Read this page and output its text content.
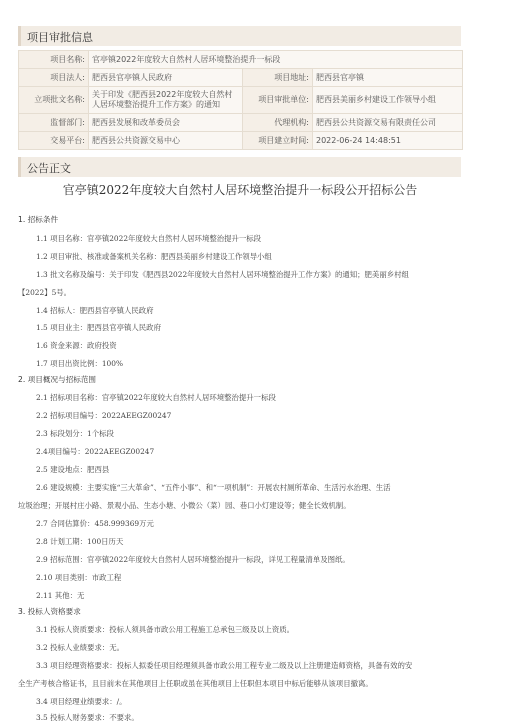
项目审批信息
项目名称:	官亭镇2022年度较大自然村人居环境整治提升一标段		
项目法人:	肥西县官亭镇人民政府	项目地址:	肥西县官亭镇
立项批文名称:	关于印发《肥西县2022年度较大自然村人居环境整治提升工作方案》的通知	项目审批单位:	肥西县美丽乡村建设工作领导小组
监督部门:	肥西县发展和改革委员会	代理机构:	肥西县公共资源交易有限责任公司
交易平台:	肥西县公共资源交易中心	项目建立时间:	2022-06-24 14:48:51
公告正文
官亭镇2022年度较大自然村人居环境整治提升一标段公开招标公告
1. 招标条件
1.1 项目名称：官亭镇2022年度较大自然村人居环境整治提升一标段
1.2 项目审批、核准或备案机关名称：肥西县美丽乡村建设工作领导小组
1.3 批文名称及编号：关于印发《肥西县2022年度较大自然村人居环境整治提升工作方案》的通知；肥美丽乡村组
【2022】5号。
1.4 招标人：肥西县官亭镇人民政府
1.5 项目业主：肥西县官亭镇人民政府
1.6 资金来源：政府投资
1.7 项目出资比例：100%
2. 项目概况与招标范围
2.1 招标项目名称：官亭镇2022年度较大自然村人居环境整治提升一标段
2.2 招标项目编号：2022AEEGZ00247
2.3 标段划分：1个标段
2.4项目编号：2022AEEGZ00247
2.5 建设地点：肥西县
2.6 建设规模：主要实施“三大革命”、“五件小事”、和“一项机制”：开展农村厕所革命、生活污水治理、生活
垃圾治理；开展村庄小路、景观小品、生态小塘、小微公（菜）园、巷口小灯建设等；健全长效机制。
2.7 合同估算价：458.999369万元
2.8 计划工期：100日历天
2.9 招标范围：官亭镇2022年度较大自然村人居环境整治提升一标段，详见工程量清单及图纸。
2.10 项目类别：市政工程
2.11 其他：无
3. 投标人资格要求
3.1 投标人资质要求：投标人须具备市政公用工程施工总承包三级及以上资质。
3.2 投标人业绩要求：无。
3.3 项目经理资格要求：投标人拟委任项目经理须具备市政公用工程专业二级及以上注册建造师资格，具备有效的安
全生产考核合格证书，且目前未在其他项目上任职或虽在其他项目上任职但本项目中标后能够从该项目撤离。
3.4 项目经理业绩要求：/。
3.5 投标人财务要求：不要求。
